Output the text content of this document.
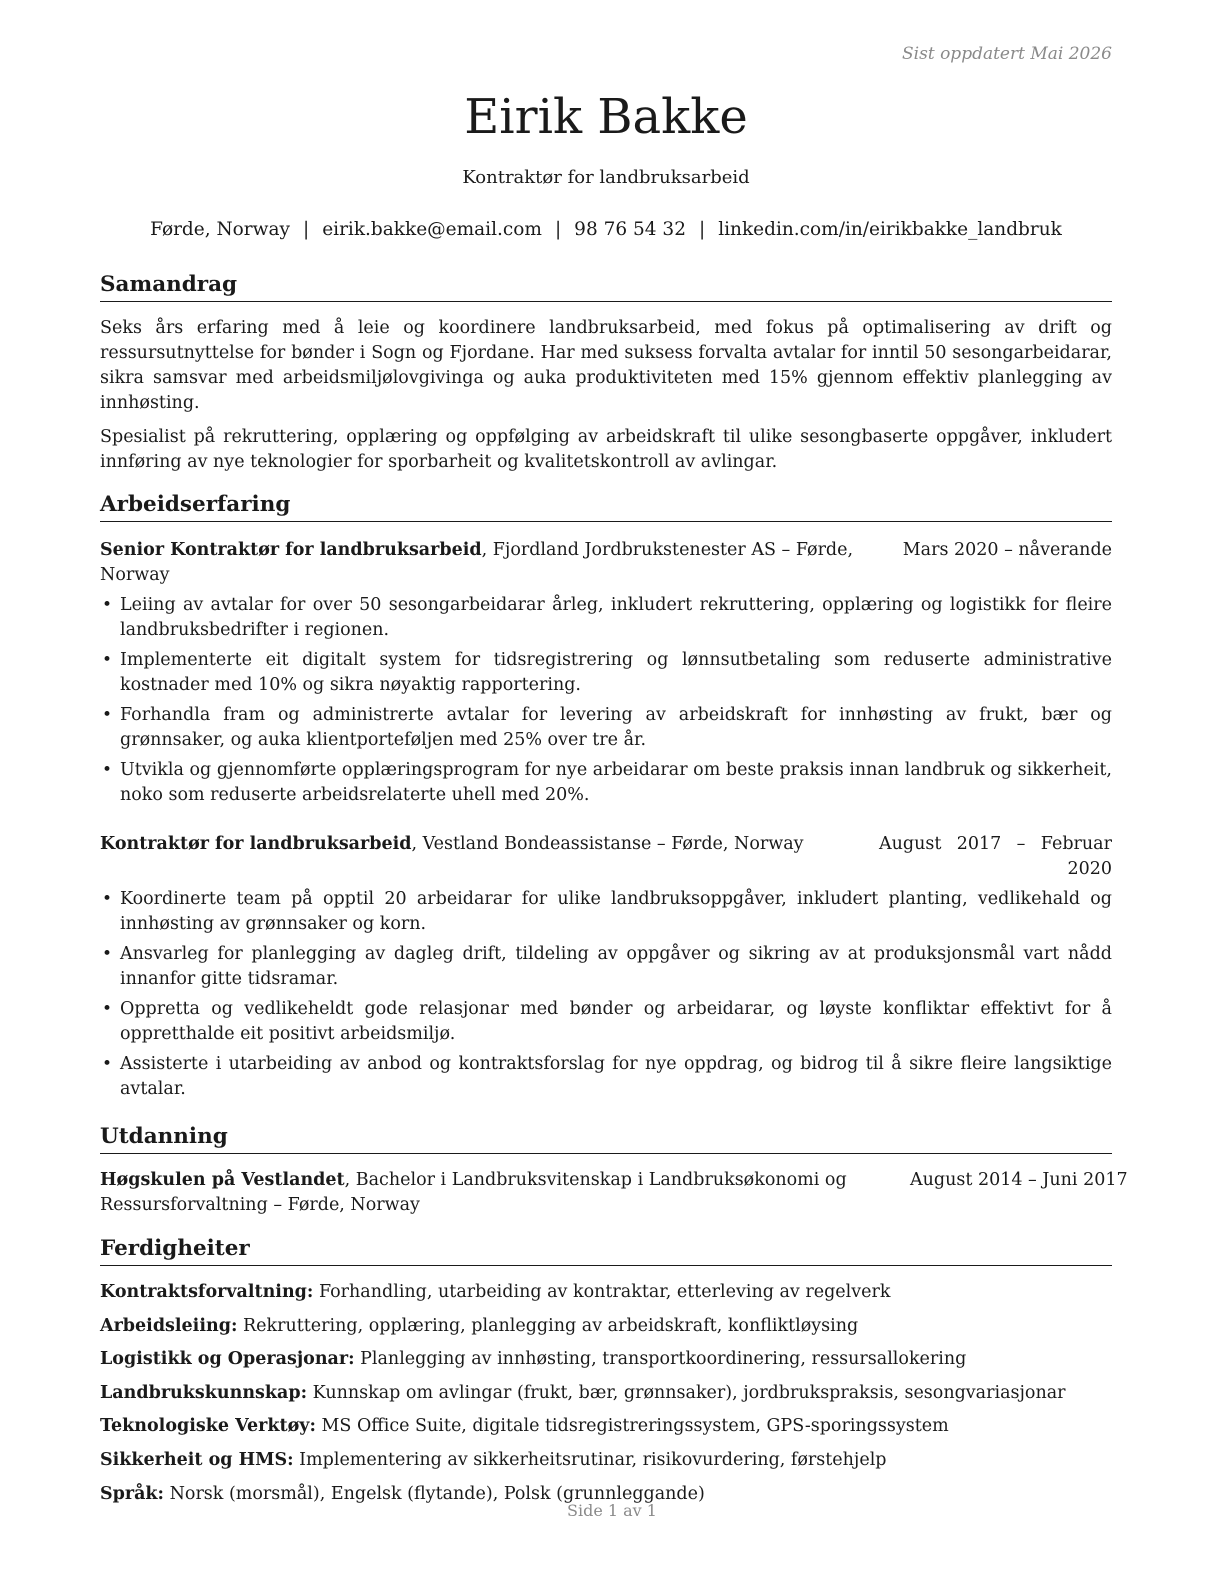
Sist oppdatert Mai 2026
Eirik Bakke
Kontraktør for landbruksarbeid
Førde, Norway | eirik.bakke@email.com | 98 76 54 32 | linkedin.com/in/eirikbakke_landbruk
Samandrag

Seks års erfaring med å leie og koordinere landbruksarbeid, med fokus på optimalisering av drift og ressursutnyttelse for bønder i Sogn og Fjordane. Har med suksess forvalta avtalar for inntil 50 sesongarbeidarar, sikra samsvar med arbeidsmiljølovgivinga og auka produktiviteten med 15% gjennom effektiv planlegging av innhøsting.

Spesialist på rekruttering, opplæring og oppfølging av arbeidskraft til ulike sesongbaserte oppgåver, inkludert innføring av nye teknologier for sporbarheit og kvalitetskontroll av avlingar.

Arbeidserfaring
Senior Kontraktør for landbruksarbeid, Fjordland Jordbrukstenester AS – Førde, Norway
Mars 2020 – nåverande
• Leiing av avtalar for over 50 sesongarbeidarar årleg, inkludert rekruttering, opplæring og logistikk for fleire landbruksbedrifter i regionen.
• Implementerte eit digitalt system for tidsregistrering og lønnsutbetaling som reduserte administrative kostnader med 10% og sikra nøyaktig rapportering.
• Forhandla fram og administrerte avtalar for levering av arbeidskraft for innhøsting av frukt, bær og grønnsaker, og auka klientporteføljen med 25% over tre år.
• Utvikla og gjennomførte opplæringsprogram for nye arbeidarar om beste praksis innan landbruk og sikkerheit, noko som reduserte arbeidsrelaterte uhell med 20%.
Kontraktør for landbruksarbeid, Vestland Bondeassistanse – Førde, Norway	August 2017 – Februar 2020
• Koordinerte team på opptil 20 arbeidarar for ulike landbruksoppgåver, inkludert planting, vedlikehald og innhøsting av grønnsaker og korn.
• Ansvarleg for planlegging av dagleg drift, tildeling av oppgåver og sikring av at produksjonsmål vart nådd innanfor gitte tidsramar.
• Oppretta og vedlikeheldt gode relasjonar med bønder og arbeidarar, og løyste konfliktar effektivt for å oppretthalde eit positivt arbeidsmiljø.
• Assisterte i utarbeiding av anbod og kontraktsforslag for nye oppdrag, og bidrog til å sikre fleire langsiktige avtalar.
Utdanning
Høgskulen på Vestlandet, Bachelor i Landbruksvitenskap i Landbruksøkonomi og Ressursforvaltning – Førde, Norway
August 2014 – Juni 2017
Ferdigheiter
Kontraktsforvaltning: Forhandling, utarbeiding av kontraktar, etterleving av regelverk
Arbeidsleiing: Rekruttering, opplæring, planlegging av arbeidskraft, konfliktløysing
Logistikk og Operasjonar: Planlegging av innhøsting, transportkoordinering, ressursallokering
Landbrukskunnskap: Kunnskap om avlingar (frukt, bær, grønnsaker), jordbrukspraksis, sesongvariasjonar
Teknologiske Verktøy: MS Office Suite, digitale tidsregistreringssystem, GPS-sporingssystem
Sikkerheit og HMS: Implementering av sikkerheitsrutinar, risikovurdering, førstehjelp
Språk: Norsk (morsmål), Engelsk (flytande), Polsk (grunnleggande)
Side 1 av 1
